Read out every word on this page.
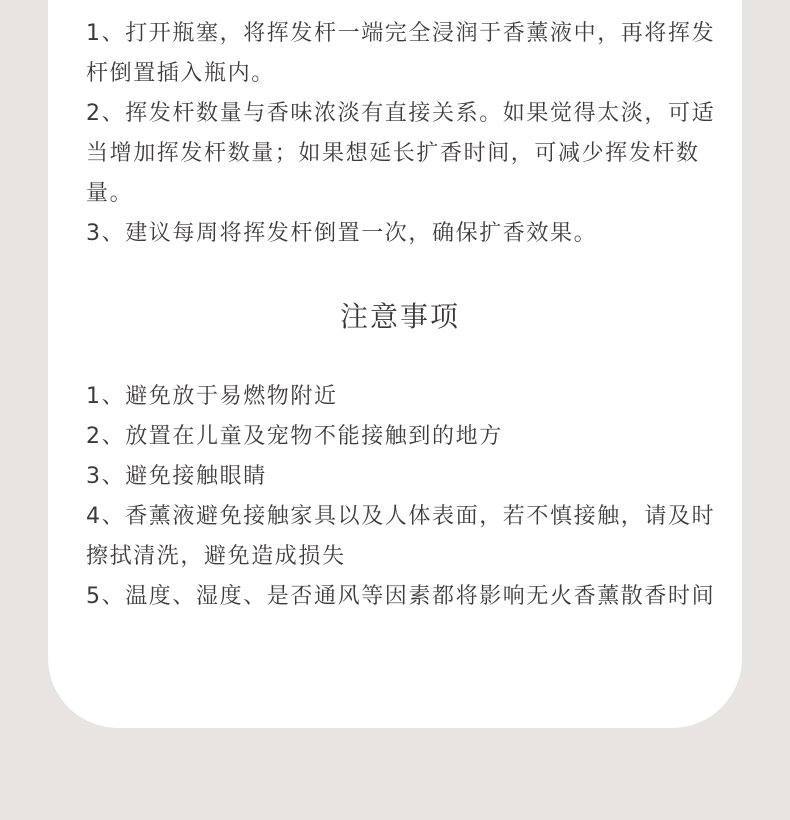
1、打开瓶塞，将挥发杆一端完全浸润于香薰液中，再将挥发杆倒置插入瓶内。

2、挥发杆数量与香味浓淡有直接关系。如果觉得太淡，可适当增加挥发杆数量；如果想延长扩香时间，可减少挥发杆数量。

3、建议每周将挥发杆倒置一次，确保扩香效果。

注意事项

1、避免放于易燃物附近

2、放置在儿童及宠物不能接触到的地方

3、避免接触眼睛

4、香薰液避免接触家具以及人体表面，若不慎接触，请及时擦拭清洗，避免造成损失

5、温度、湿度、是否通风等因素都将影响无火香薰散香时间
